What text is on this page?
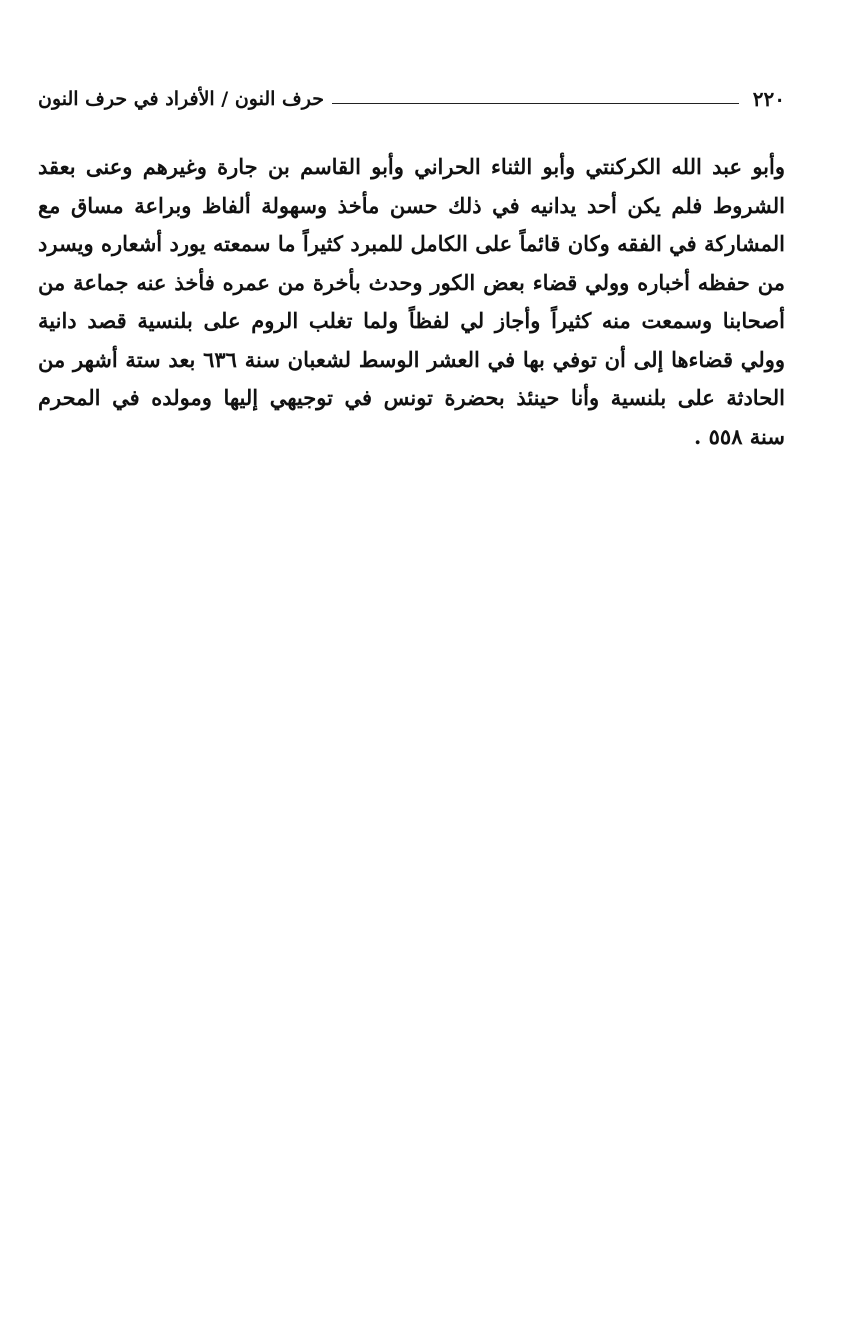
٢٢٠
حرف النون / الأفراد في حرف النون
وأبو عبد الله الكركنتي وأبو الثناء الحراني وأبو القاسم بن جارة وغيرهم وعنى بعقد
الشروط فلم يكن أحد يدانيه في ذلك حسن مأخذ وسهولة ألفاظ وبراعة مساق مع
المشاركة في الفقه وكان قائماً على الكامل للمبرد كثيراً ما سمعته يورد أشعاره ويسرد
من حفظه أخباره وولي قضاء بعض الكور وحدث بأخرة من عمره فأخذ عنه جماعة من
أصحابنا وسمعت منه كثيراً وأجاز لي لفظاً ولما تغلب الروم على بلنسية قصد دانية
وولي قضاءها إلى أن توفي بها في العشر الوسط لشعبان سنة ٦٣٦ بعد ستة أشهر من
الحادثة على بلنسية وأنا حينئذ بحضرة تونس في توجيهي إليها ومولده في المحرم
سنة ٥٥٨ .
